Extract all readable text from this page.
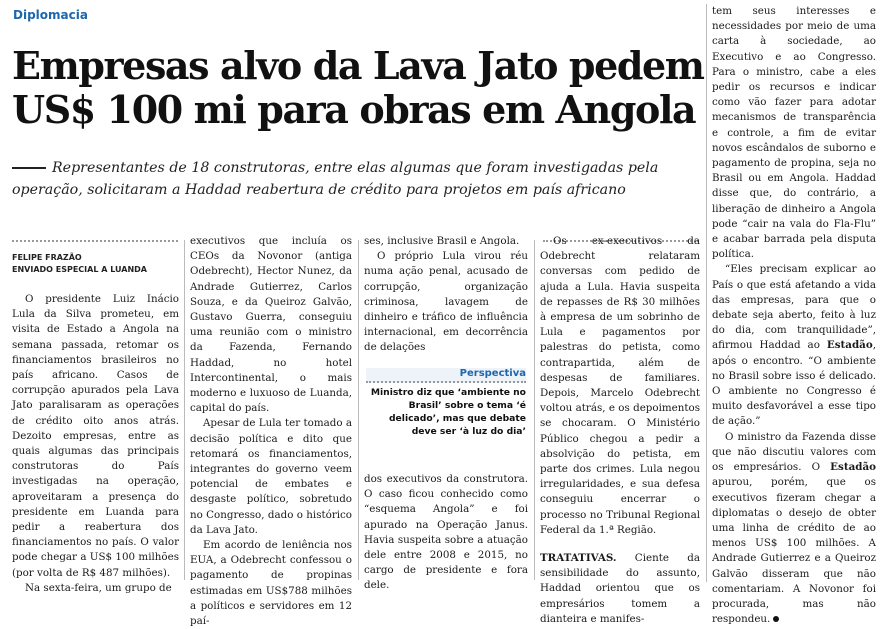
Diplomacia
Empresas alvo da Lava Jato pedem US$ 100 mi para obras em Angola
Representantes de 18 construtoras, entre elas algumas que foram investigadas pela operação, solicitaram a Haddad reabertura de crédito para projetos em país africano
FELIPE FRAZÃO
ENVIADO ESPECIAL A LUANDA

O presidente Luiz Inácio Lula da Silva prometeu, em visita de Estado a Angola na semana passada, retomar os financiamentos brasileiros no país africano. Casos de corrupção apurados pela Lava Jato paralisaram as operações de crédito oito anos atrás. Dezoito empresas, entre as quais algumas das principais construtoras do País investigadas na operação, aproveitaram a presença do presidente em Luanda para pedir a reabertura dos financiamentos no país. O valor pode chegar a US$ 100 milhões (por volta de R$ 487 milhões).

Na sexta-feira, um grupo de

executivos que incluía os CEOs da Novonor (antiga Odebrecht), Hector Nunez, da Andrade Gutierrez, Carlos Souza, e da Queiroz Galvão, Gustavo Guerra, conseguiu uma reunião com o ministro da Fazenda, Fernando Haddad, no hotel Intercontinental, o mais moderno e luxuoso de Luanda, capital do país.

Apesar de Lula ter tomado a decisão política e dito que retomará os financiamentos, integrantes do governo veem potencial de embates e desgaste político, sobretudo no Congresso, dado o histórico da Lava Jato.

Em acordo de leniência nos EUA, a Odebrecht confessou o pagamento de propinas estimadas em US$788 milhões a políticos e servidores em 12 paí-

ses, inclusive Brasil e Angola.

O próprio Lula virou réu numa ação penal, acusado de corrupção, organização criminosa, lavagem de dinheiro e tráfico de influência internacional, em decorrência de delações

Perspectiva
Ministro diz que ‘ambiente no Brasil’ sobre o tema ‘é delicado’, mas que debate deve ser ‘à luz do dia’

dos executivos da construtora. O caso ficou conhecido como “esquema Angola” e foi apurado na Operação Janus. Havia suspeita sobre a atuação dele entre 2008 e 2015, no cargo de presidente e fora dele.

Os ex-executivos da Odebrecht relataram conversas com pedido de ajuda a Lula. Havia suspeita de repasses de R$ 30 milhões à empresa de um sobrinho de Lula e pagamentos por palestras do petista, como contrapartida, além de despesas de familiares. Depois, Marcelo Odebrecht voltou atrás, e os depoimentos se chocaram. O Ministério Público chegou a pedir a absolvição do petista, em parte dos crimes. Lula negou irregularidades, e sua defesa conseguiu encerrar o processo no Tribunal Regional Federal da 1.ª Região.

TRATATIVAS. Ciente da sensibilidade do assunto, Haddad orientou que os empresários tomem a dianteira e manifes-

tem seus interesses e necessidades por meio de uma carta à sociedade, ao Executivo e ao Congresso. Para o ministro, cabe a eles pedir os recursos e indicar como vão fazer para adotar mecanismos de transparência e controle, a fim de evitar novos escândalos de suborno e pagamento de propina, seja no Brasil ou em Angola. Haddad disse que, do contrário, a liberação de dinheiro a Angola pode “cair na vala do Fla-Flu” e acabar barrada pela disputa política.

“Eles precisam explicar ao País o que está afetando a vida das empresas, para que o debate seja aberto, feito à luz do dia, com tranquilidade”, afirmou Haddad ao Estadão, após o encontro. “O ambiente no Brasil sobre isso é delicado. O ambiente no Congresso é muito desfavorável a esse tipo de ação.”

O ministro da Fazenda disse que não discutiu valores com os empresários. O Estadão apurou, porém, que os executivos fizeram chegar a diplomatas o desejo de obter uma linha de crédito de ao menos US$ 100 milhões. A Andrade Gutierrez e a Queiroz Galvão disseram que não comentariam. A Novonor foi procurada, mas não respondeu.
